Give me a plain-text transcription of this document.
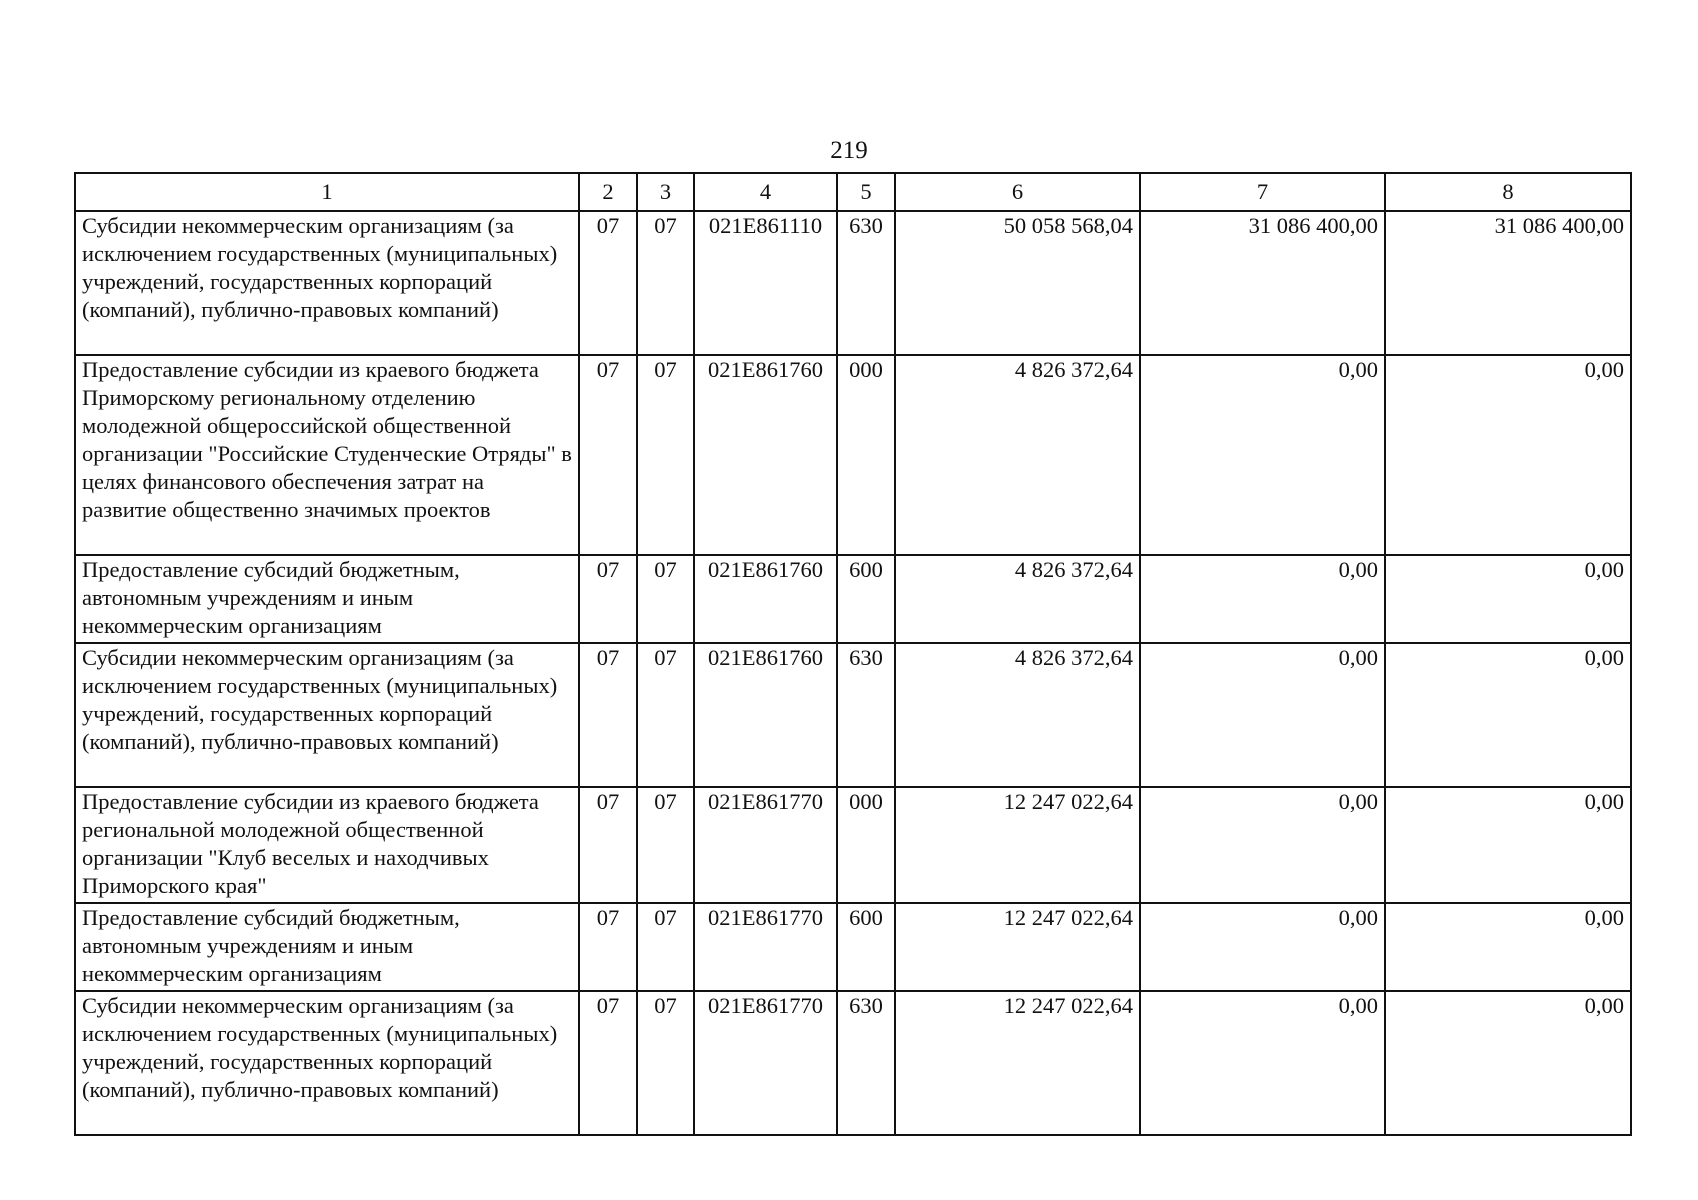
219
1	2	3	4	5	6	7	8
Субсидии некоммерческим организациям (за исключением государственных (муниципальных) учреждений, государственных корпораций (компаний), публично-правовых компаний)	07	07	021E861110	630	50 058 568,04	31 086 400,00	31 086 400,00
Предоставление субсидии из краевого бюджета Приморскому региональному отделению молодежной общероссийской общественной организации "Российские Студенческие Отряды" в целях финансового обеспечения затрат на развитие общественно значимых проектов	07	07	021E861760	000	4 826 372,64	0,00	0,00
Предоставление субсидий бюджетным, автономным учреждениям и иным некоммерческим организациям	07	07	021E861760	600	4 826 372,64	0,00	0,00
Субсидии некоммерческим организациям (за исключением государственных (муниципальных) учреждений, государственных корпораций (компаний), публично-правовых компаний)	07	07	021E861760	630	4 826 372,64	0,00	0,00
Предоставление субсидии из краевого бюджета региональной молодежной общественной организации "Клуб веселых и находчивых Приморского края"	07	07	021E861770	000	12 247 022,64	0,00	0,00
Предоставление субсидий бюджетным, автономным учреждениям и иным некоммерческим организациям	07	07	021E861770	600	12 247 022,64	0,00	0,00
Субсидии некоммерческим организациям (за исключением государственных (муниципальных) учреждений, государственных корпораций (компаний), публично-правовых компаний)	07	07	021E861770	630	12 247 022,64	0,00	0,00
